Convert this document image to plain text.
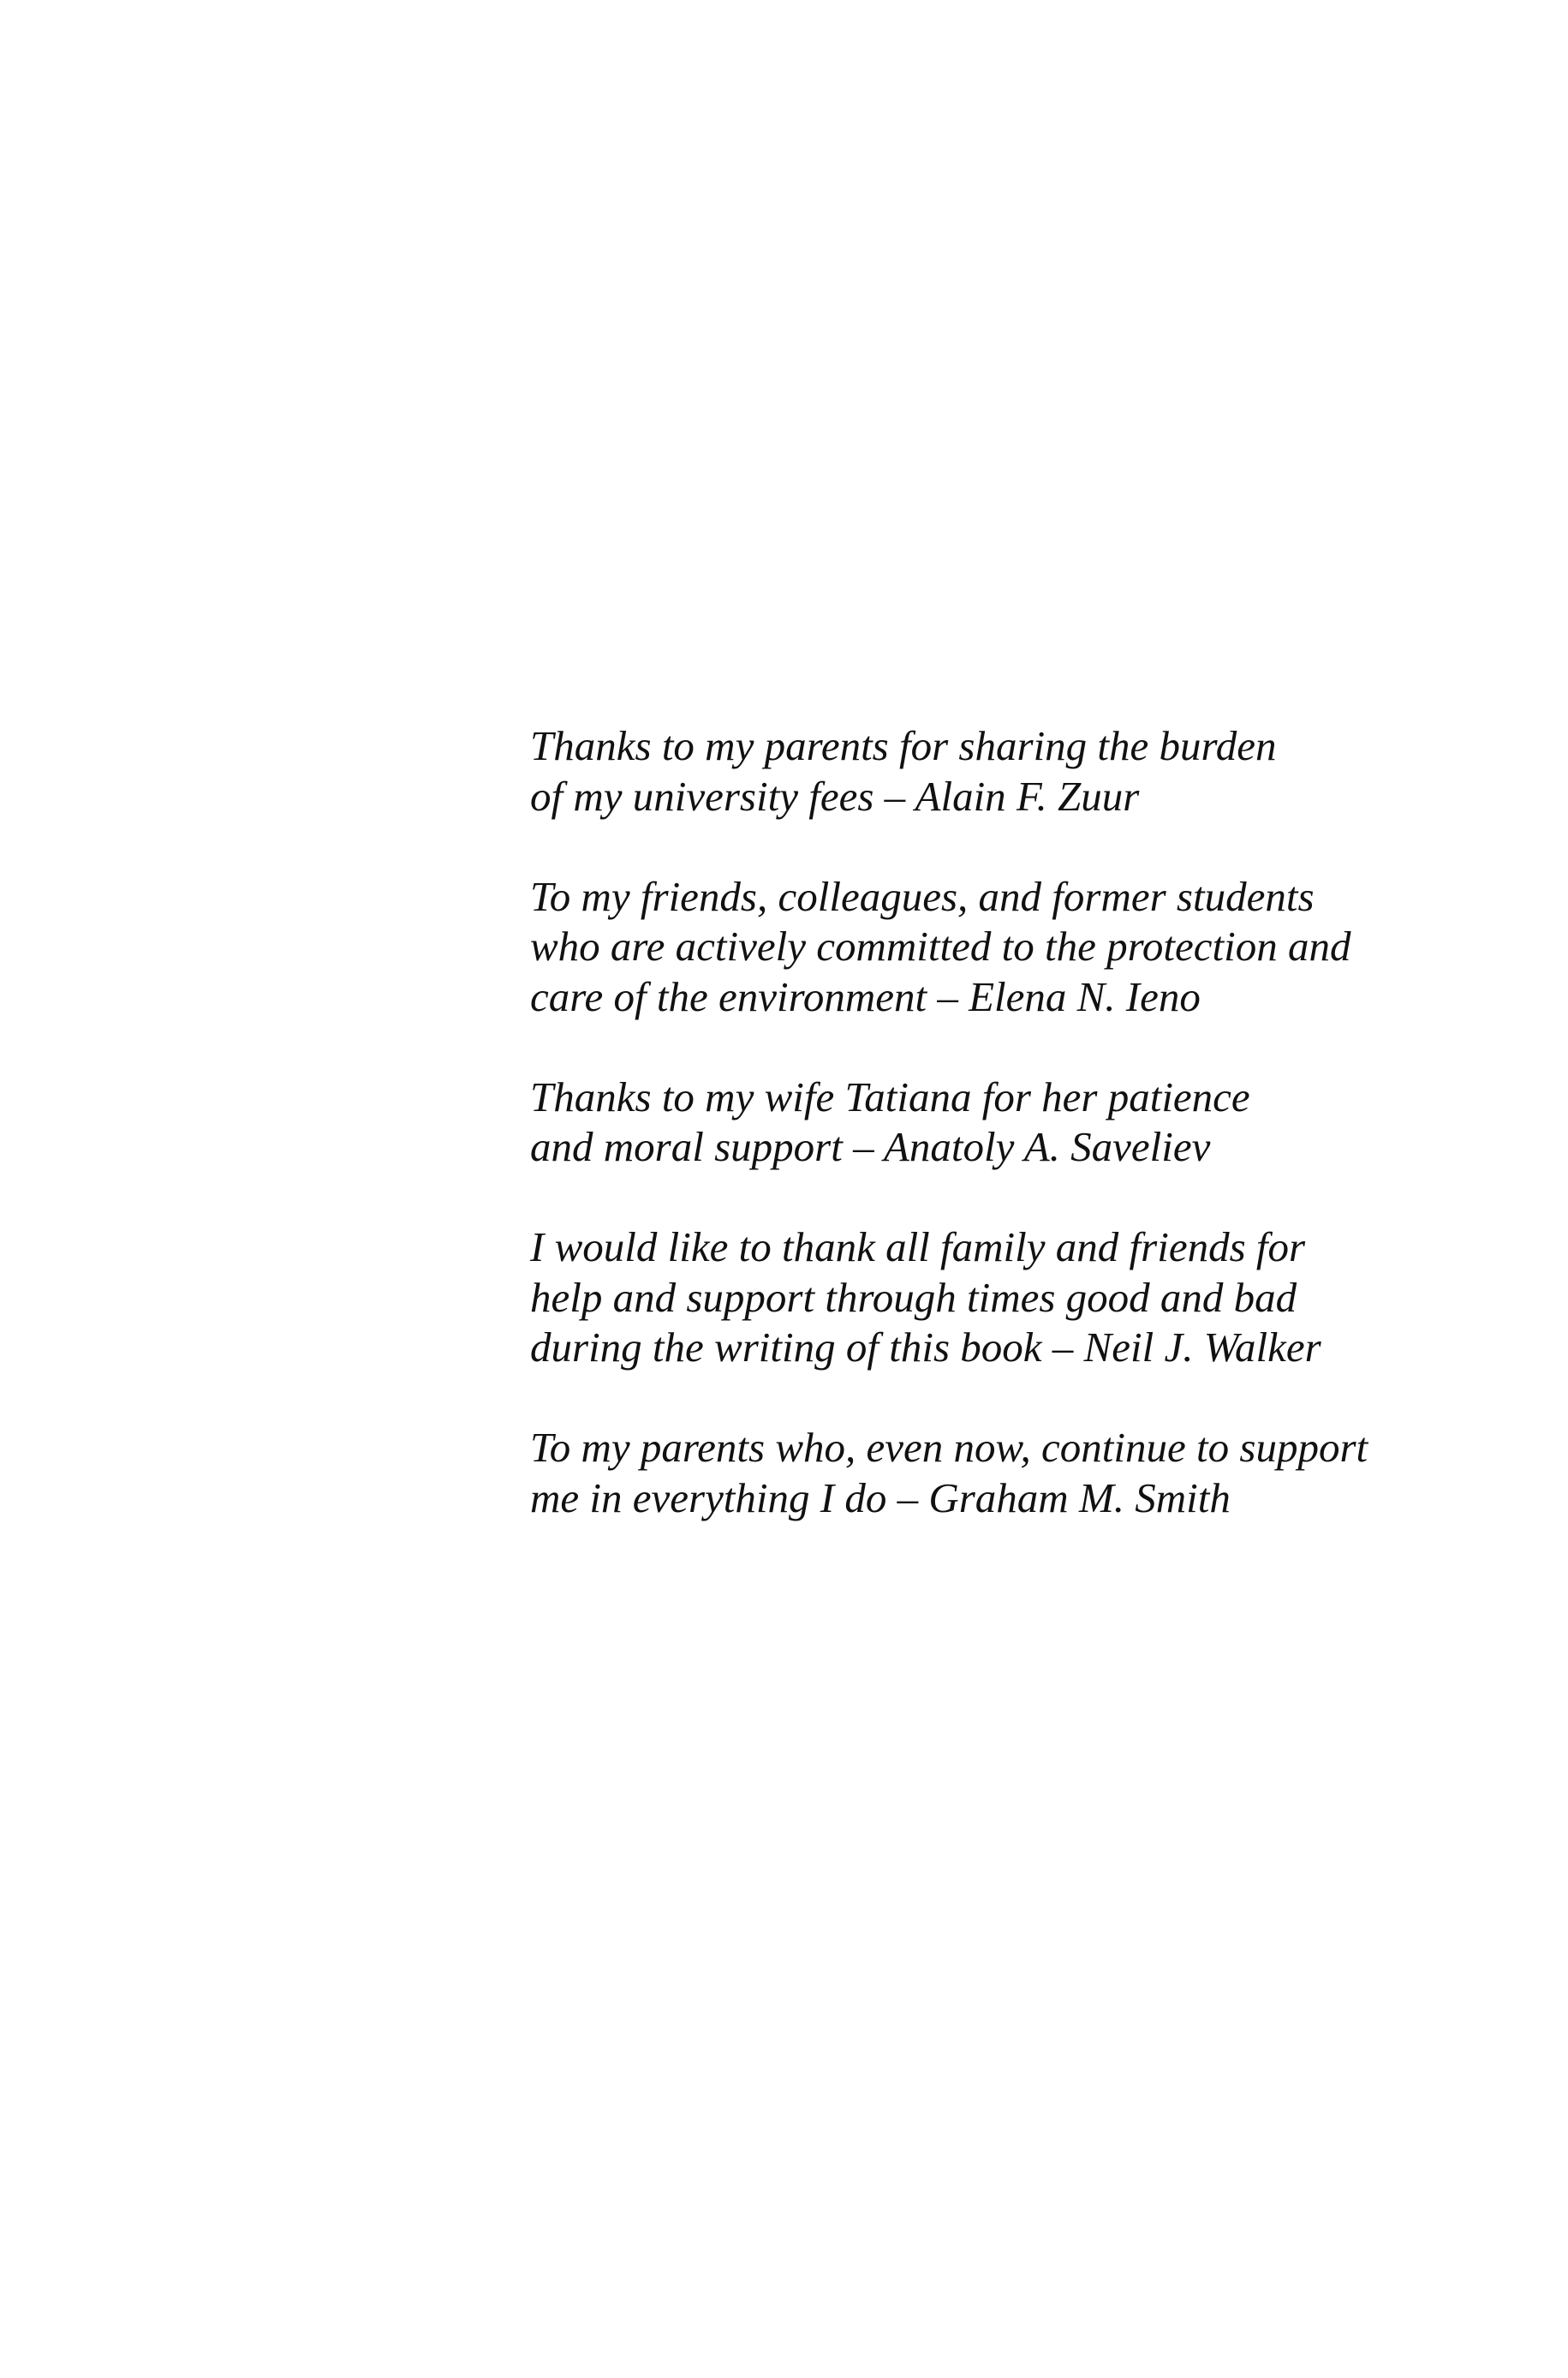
Thanks to my parents for sharing the burden
of my university fees – Alain F. Zuur

To my friends, colleagues, and former students
who are actively committed to the protection and
care of the environment – Elena N. Ieno

Thanks to my wife Tatiana for her patience
and moral support – Anatoly A. Saveliev

I would like to thank all family and friends for
help and support through times good and bad
during the writing of this book – Neil J. Walker

To my parents who, even now, continue to support
me in everything I do – Graham M. Smith
